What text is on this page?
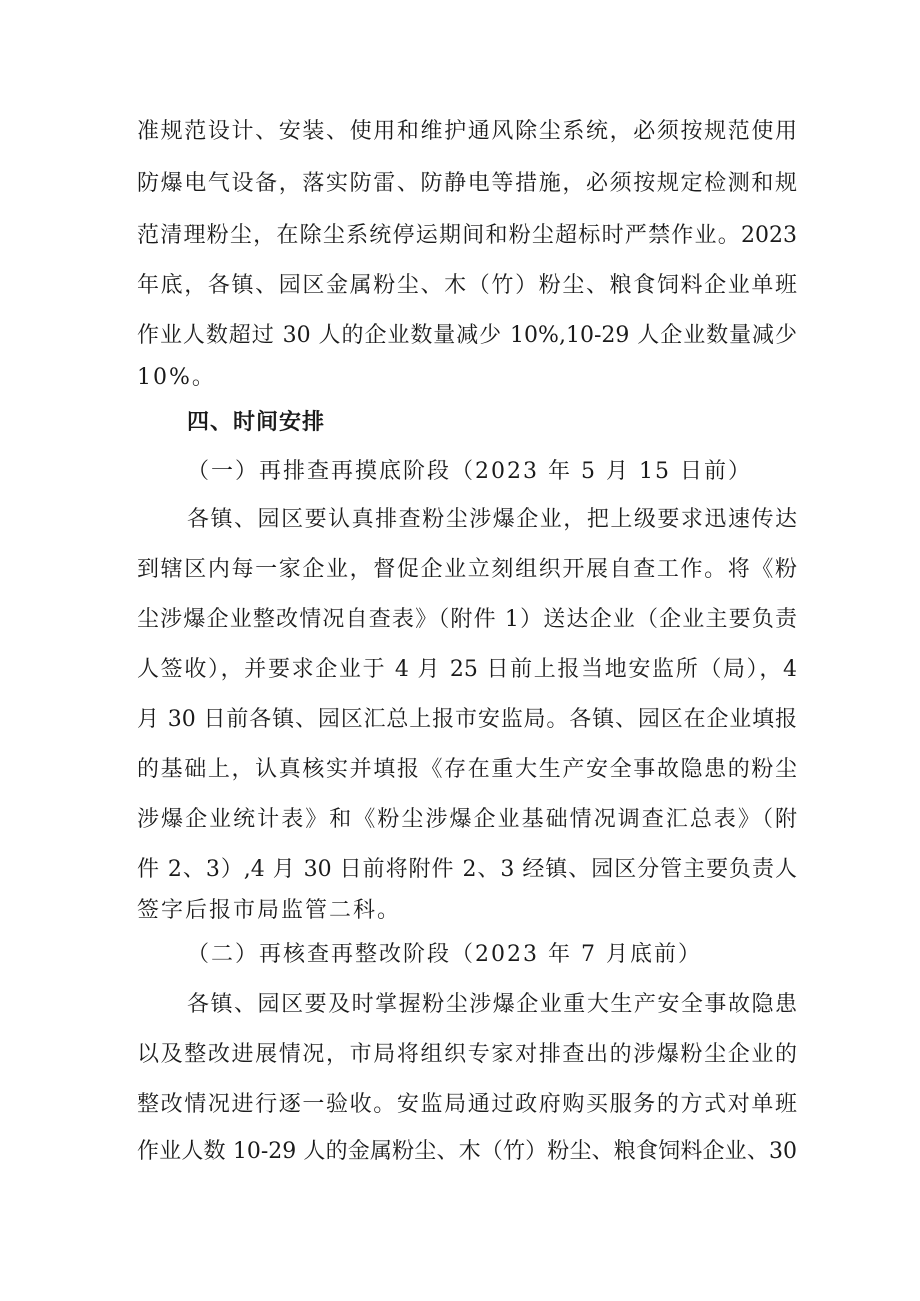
准规范设计、安装、使用和维护通风除尘系统，必须按规范使用
防爆电气设备，落实防雷、防静电等措施，必须按规定检测和规
范清理粉尘，在除尘系统停运期间和粉尘超标时严禁作业。2023
年底，各镇、园区金属粉尘、木（竹）粉尘、粮食饲料企业单班
作业人数超过 30 人的企业数量减少 10%,10-29 人企业数量减少
10%。
四、时间安排
（一）再排查再摸底阶段（2023 年 5 月 15 日前）
各镇、园区要认真排查粉尘涉爆企业，把上级要求迅速传达
到辖区内每一家企业，督促企业立刻组织开展自查工作。将《粉
尘涉爆企业整改情况自查表》（附件 1）送达企业（企业主要负责
人签收），并要求企业于 4 月 25 日前上报当地安监所（局），4
月 30 日前各镇、园区汇总上报市安监局。各镇、园区在企业填报
的基础上，认真核实并填报《存在重大生产安全事故隐患的粉尘
涉爆企业统计表》和《粉尘涉爆企业基础情况调查汇总表》（附
件 2、3）,4 月 30 日前将附件 2、3 经镇、园区分管主要负责人
签字后报市局监管二科。
（二）再核查再整改阶段（2023 年 7 月底前）
各镇、园区要及时掌握粉尘涉爆企业重大生产安全事故隐患
以及整改进展情况，市局将组织专家对排查出的涉爆粉尘企业的
整改情况进行逐一验收。安监局通过政府购买服务的方式对单班
作业人数 10-29 人的金属粉尘、木（竹）粉尘、粮食饲料企业、30
